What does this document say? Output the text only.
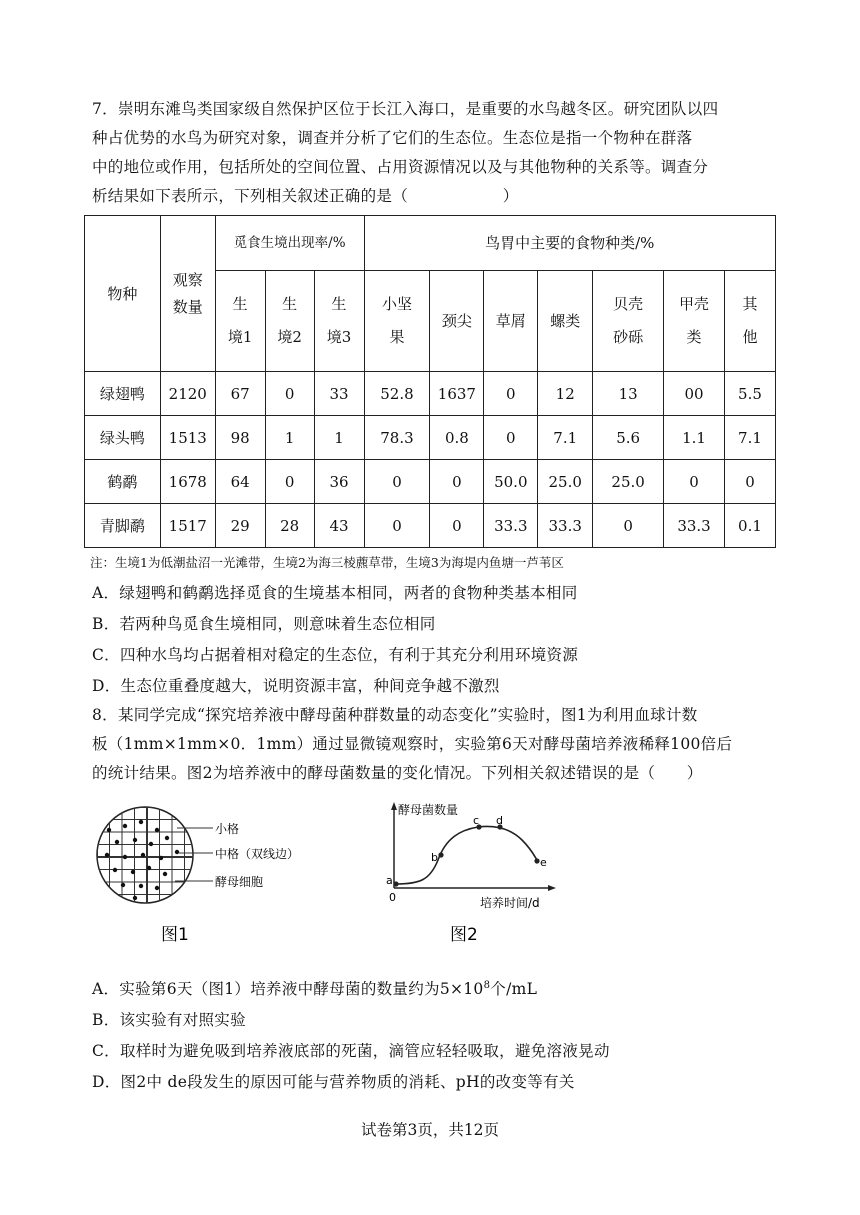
7．崇明东滩鸟类国家级自然保护区位于长江入海口，是重要的水鸟越冬区。研究团队以四
种占优势的水鸟为研究对象，调查并分析了它们的生态位。生态位是指一个物种在群落
中的地位或作用，包括所处的空间位置、占用资源情况以及与其他物种的关系等。调查分
析结果如下表所示，下列相关叙述正确的是（　　　　　　）
物种	观察数量	觅食生境出现率/%			鸟胃中主要的食物种类/%						

		生境1	生境2	生境3	小坚果	颈尖	草屑	螺类	贝壳砂砾	甲壳类	其他

绿翅鸭	2120	67	0	33	52.8	1637	0	12	13	00	5.5
绿头鸭	1513	98	1	1	78.3	0.8	0	7.1	5.6	1.1	7.1
鹤鹬	1678	64	0	36	0	0	50.0	25.0	25.0	0	0
青脚鹬	1517	29	28	43	0	0	33.3	33.3	0	33.3	0.1
注：生境1为低潮盐沼一光滩带，生境2为海三棱藨草带，生境3为海堤内鱼塘一芦苇区
A．绿翅鸭和鹤鹬选择觅食的生境基本相同，两者的食物种类基本相同
B．若两种鸟觅食生境相同，则意味着生态位相同
C．四种水鸟均占据着相对稳定的生态位，有利于其充分利用环境资源
D．生态位重叠度越大，说明资源丰富，种间竞争越不激烈
8．某同学完成“探究培养液中酵母菌种群数量的动态变化”实验时，图1为利用血球计数
板（1mm×1mm×0．1mm）通过显微镜观察时，实验第6天对酵母菌培养液稀释100倍后
的统计结果。图2为培养液中的酵母菌数量的变化情况。下列相关叙述错误的是（　　）
小格
中格（双线边）
酵母细胞
图1
a
b
c d
e
0
酵母菌数量
培养时间/d
图2
A．实验第6天（图1）培养液中酵母菌的数量约为$5\times 10^8$个/mL
B．该实验有对照实验
C．取样时为避免吸到培养液底部的死菌，滴管应轻轻吸取，避免溶液晃动
D．图2中 de段发生的原因可能与营养物质的消耗、pH的改变等有关
试卷第3页，共12页
